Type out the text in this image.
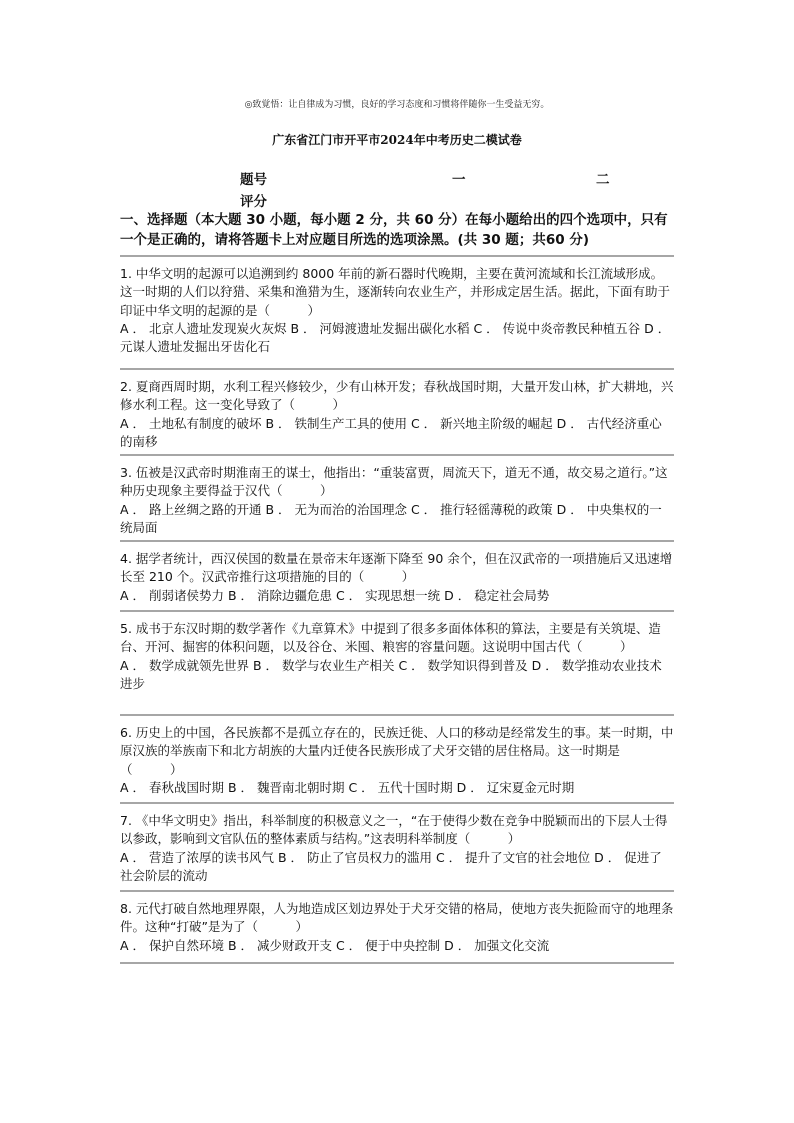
◎致覚悟：让自律成为习惯，良好的学习态度和习惯将伴随你一生受益无穷。
广东省江门市开平市2024年中考历史二模试卷
题号	一	二
评分
一、选择题（本大题 30 小题，每小题 2 分，共 60 分）在每小题给出的四个选项中，只有一个是正确的，请将答题卡上对应题目所选的选项涂黑。(共 30 题；共60 分)

1. 中华文明的起源可以追溯到约 8000 年前的新石器时代晚期，主要在黄河流域和长江流域形成。这一时期的人们以狩猎、采集和渔猎为生，逐渐转向农业生产，并形成定居生活。据此，下面有助于印证中华文明的起源的是（　　　）

A ． 北京人遗址发现炭火灰烬 B ． 河姆渡遗址发掘出碳化水稻 C ． 传说中炎帝教民种植五谷 D ． 元谋人遗址发掘出牙齿化石

2. 夏商西周时期，水利工程兴修较少，少有山林开发；春秋战国时期，大量开发山林，扩大耕地，兴修水利工程。这一变化导致了（　　　）

A ． 土地私有制度的破坏 B ． 铁制生产工具的使用 C ． 新兴地主阶级的崛起 D ． 古代经济重心的南移

3. 伍被是汉武帝时期淮南王的谋士，他指出：“重装富贾，周流天下，道无不通，故交易之道行。”这种历史现象主要得益于汉代（　　　）

A ． 路上丝绸之路的开通 B ． 无为而治的治国理念 C ． 推行轻徭薄税的政策 D ． 中央集权的一统局面

4. 据学者统计，西汉侯国的数量在景帝末年逐渐下降至 90 余个，但在汉武帝的一项措施后又迅速增长至 210 个。汉武帝推行这项措施的目的（　　　）

A ． 削弱诸侯势力 B ． 消除边疆危患 C ． 实现思想一统 D ． 稳定社会局势

5. 成书于东汉时期的数学著作《九章算术》中提到了很多多面体体积的算法，主要是有关筑堤、造台、开河、掘窖的体积问题，以及谷仓、米囤、粮窖的容量问题。这说明中国古代（　　　）

A ． 数学成就领先世界 B ． 数学与农业生产相关 C ． 数学知识得到普及 D ． 数学推动农业技术进步

6. 历史上的中国，各民族都不是孤立存在的，民族迁徙、人口的移动是经常发生的事。某一时期，中原汉族的举族南下和北方胡族的大量内迁使各民族形成了犬牙交错的居住格局。这一时期是（　　　）

A ． 春秋战国时期 B ． 魏晋南北朝时期 C ． 五代十国时期 D ． 辽宋夏金元时期

7. 《中华文明史》指出，科举制度的积极意义之一，“在于使得少数在竞争中脱颖而出的下层人士得以参政，影响到文官队伍的整体素质与结构。”这表明科举制度（　　　）

A ． 营造了浓厚的读书风气 B ． 防止了官员权力的滥用 C ． 提升了文官的社会地位 D ． 促进了社会阶层的流动

8. 元代打破自然地理界限，人为地造成区划边界处于犬牙交错的格局，使地方丧失扼险而守的地理条件。这种“打破”是为了（　　　）

A ． 保护自然环境 B ． 减少财政开支 C ． 便于中央控制 D ． 加强文化交流
